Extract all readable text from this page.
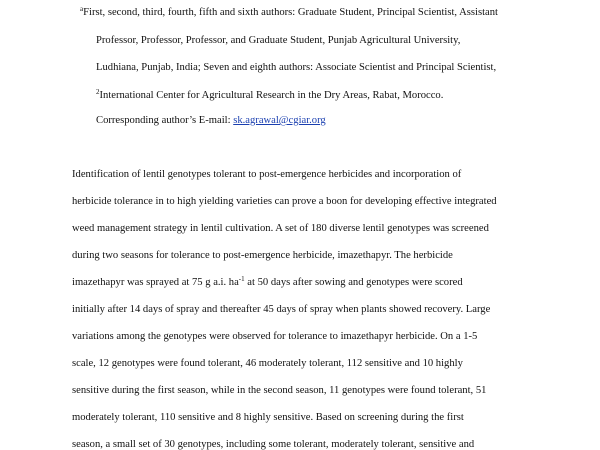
$^a$First, second, third, fourth, fifth and sixth authors: Graduate Student, Principal Scientist, Assistant
Professor, Professor, Professor, and Graduate Student, Punjab Agricultural University,
Ludhiana, Punjab, India; Seven and eighth authors: Associate Scientist and Principal Scientist,
$^2$International Center for Agricultural Research in the Dry Areas, Rabat, Morocco.
Corresponding author’s E-mail: sk.agrawal@cgiar.org
Identification of lentil genotypes tolerant to post-emergence herbicides and incorporation of
herbicide tolerance in to high yielding varieties can prove a boon for developing effective integrated
weed management strategy in lentil cultivation. A set of 180 diverse lentil genotypes was screened
during two seasons for tolerance to post-emergence herbicide, imazethapyr. The herbicide
imazethapyr was sprayed at 75 g a.i. $ha^{-1}$ at 50 days after sowing and genotypes were scored
initially after 14 days of spray and thereafter 45 days of spray when plants showed recovery. Large
variations among the genotypes were observed for tolerance to imazethapyr herbicide. On a 1-5
scale, 12 genotypes were found tolerant, 46 moderately tolerant, 112 sensitive and 10 highly
sensitive during the first season, while in the second season, 11 genotypes were found tolerant, 51
moderately tolerant, 110 sensitive and 8 highly sensitive. Based on screening during the first
season, a small set of 30 genotypes, including some tolerant, moderately tolerant, sensitive and
